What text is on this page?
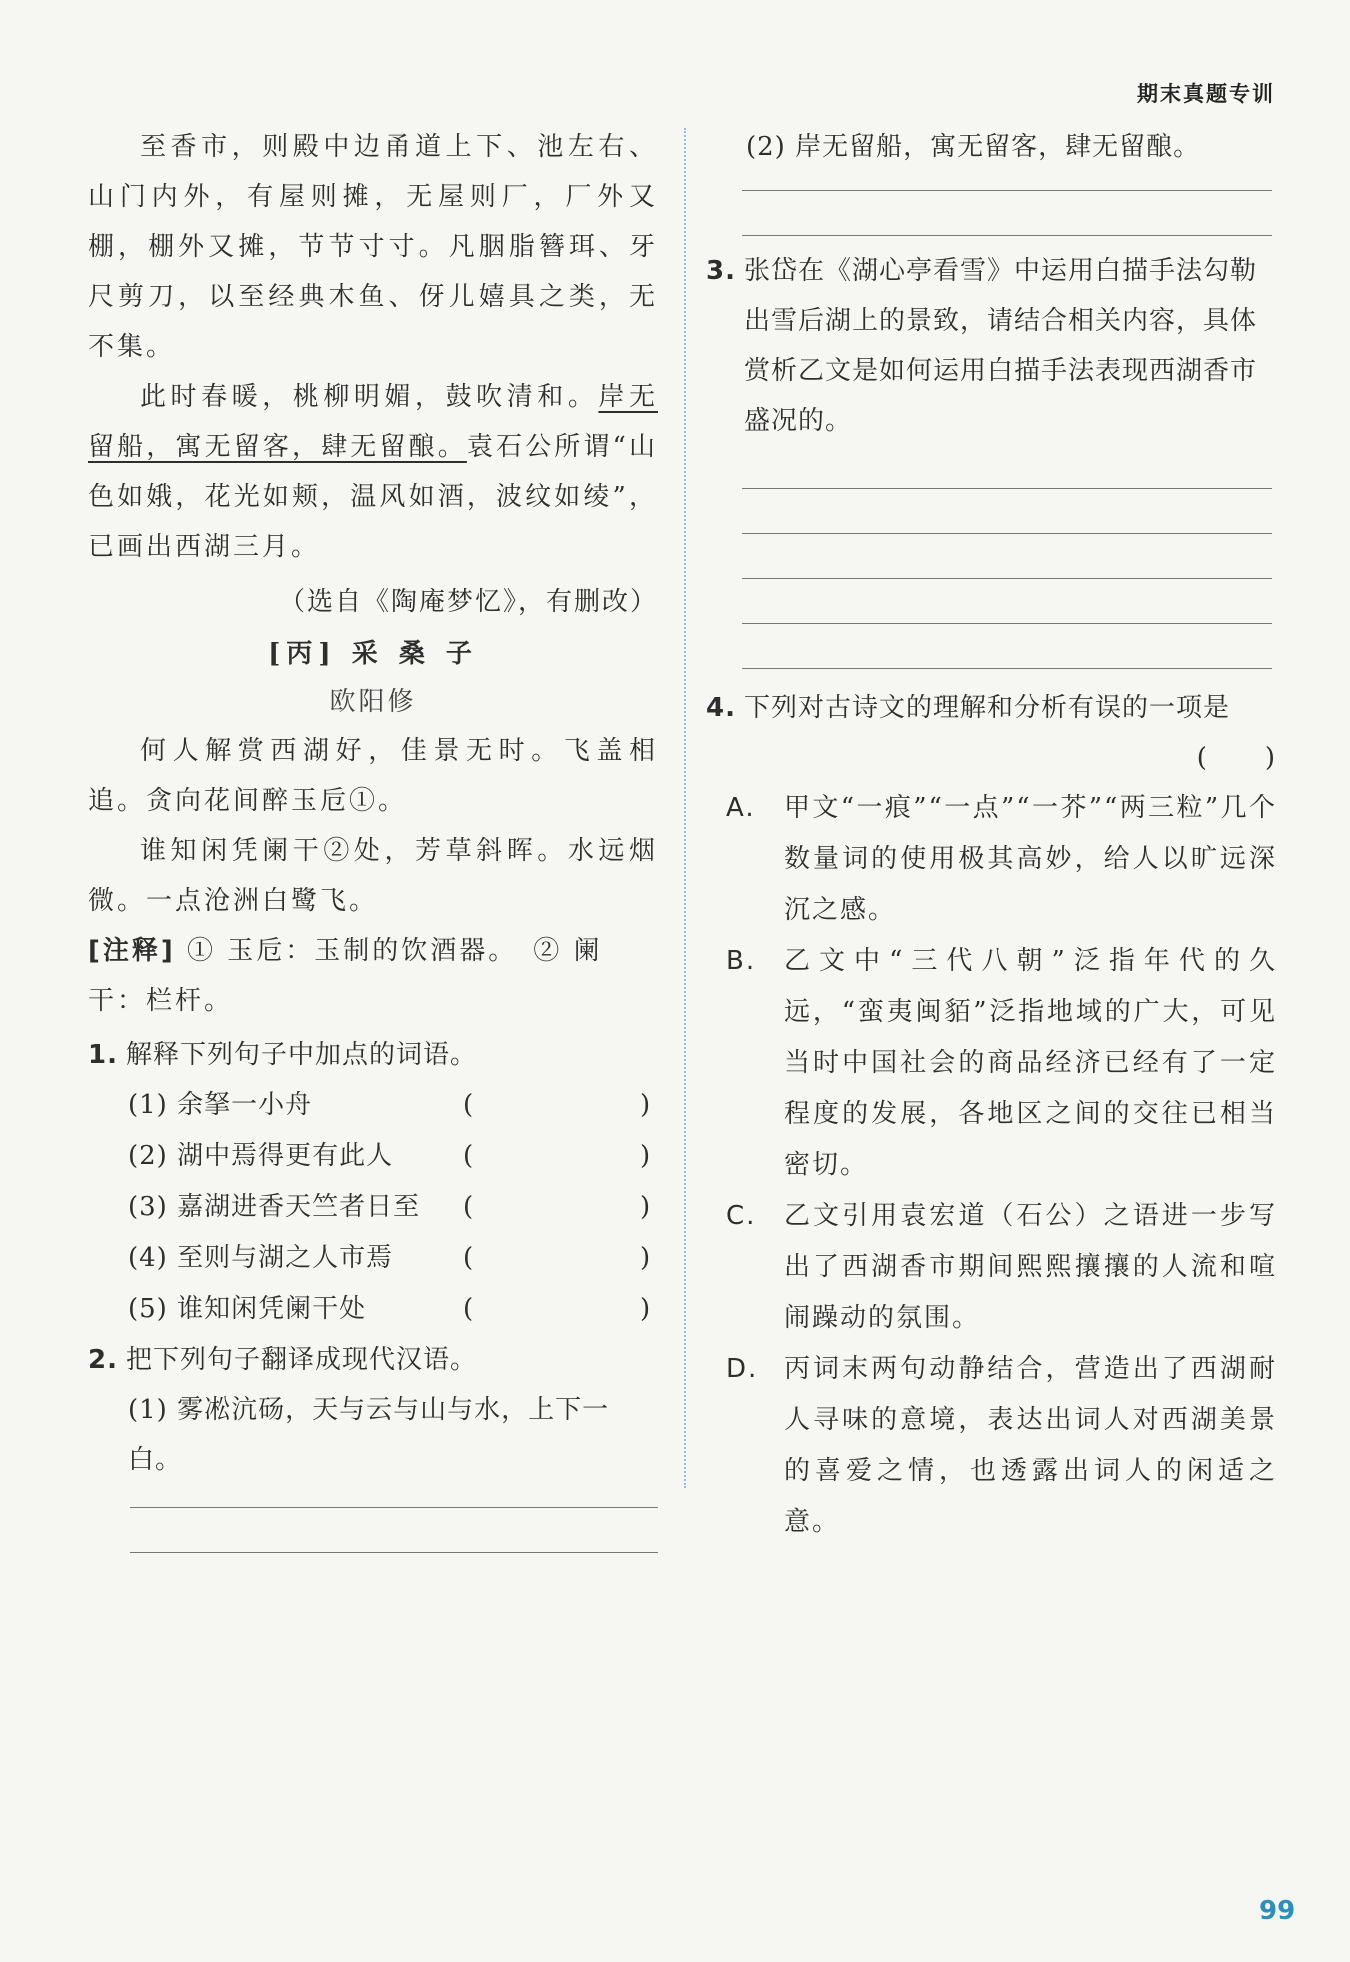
期末真题专训

至香市，则殿中边甬道上下、池左右、山门内外，有屋则摊，无屋则厂，厂外又棚，棚外又摊，节节寸寸。凡胭脂簪珥、牙尺剪刀，以至经典木鱼、伢儿嬉具之类，无不集。

此时春暖，桃柳明媚，鼓吹清和。岸无留船，寓无留客，肆无留酿。袁石公所谓“山色如娥，花光如颊，温风如酒，波纹如绫”，已画出西湖三月。

（选自《陶庵梦忆》，有删改）

[丙] 采 桑 子
欧阳修

何人解赏西湖好，佳景无时。飞盖相追。贪向花间醉玉卮①。

谁知闲凭阑干②处，芳草斜晖。水远烟微。一点沧洲白鹭飞。

[注释] ① 玉卮：玉制的饮酒器。　② 阑干：栏杆。

1. 解释下列句子中加点的词语。
(1) 余拏一小舟	(	)
(2) 湖中焉得更有此人	(	)
(3) 嘉湖进香天竺者日至 (	)
(4) 至则与湖之人市焉	(	)
(5) 谁知闲凭阑干处	(	)
2. 把下列句子翻译成现代汉语。
(1) 雾凇沆砀，天与云与山与水，上下一白。
(2) 岸无留船，寓无留客，肆无留酿。
3. 张岱在《湖心亭看雪》中运用白描手法勾勒出雪后湖上的景致，请结合相关内容，具体赏析乙文是如何运用白描手法表现西湖香市盛况的。
4. 下列对古诗文的理解和分析有误的一项是
(　　)
A. 甲文“一痕”“一点”“一芥”“两三粒”几个数量词的使用极其高妙，给人以旷远深沉之感。
B. 乙文中“三代八朝”泛指年代的久远，“蛮夷闽貊”泛指地域的广大，可见当时中国社会的商品经济已经有了一定程度的发展，各地区之间的交往已相当密切。
C. 乙文引用袁宏道（石公）之语进一步写出了西湖香市期间熙熙攘攘的人流和喧闹躁动的氛围。
D. 丙词末两句动静结合，营造出了西湖耐人寻味的意境，表达出词人对西湖美景的喜爱之情，也透露出词人的闲适之意。
99
